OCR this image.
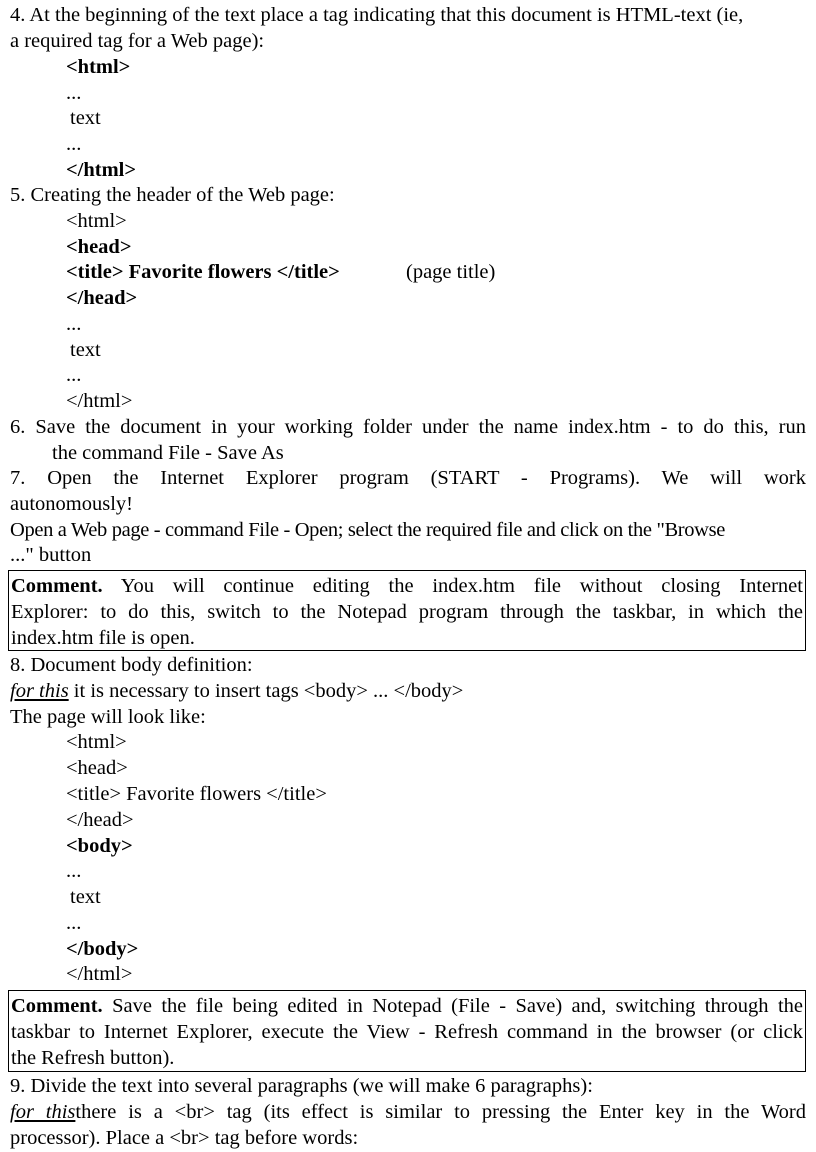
4. At the beginning of the text place a tag indicating that this document is HTML-text (ie,
a required tag for a Web page):
<html>
...
text
...
</html>
5. Creating the header of the Web page:
<html>
<head>
<title> Favorite flowers </title>	(page title)
</head>
...
text
...
</html>
6. Save the document in your working folder under the name index.htm - to do this, run
the command File - Save As
7. Open the Internet Explorer program (START - Programs). We will work
autonomously!
Open a Web page - command File - Open; select the required file and click on the "Browse
..." button
Comment. You will continue editing the index.htm file without closing Internet
Explorer: to do this, switch to the Notepad program through the taskbar, in which the
index.htm file is open.
8. Document body definition:
for this it is necessary to insert tags <body> ... </body>
The page will look like:
<html>
<head>
<title> Favorite flowers </title>
</head>
<body>
...
text
...
</body>
</html>
Comment. Save the file being edited in Notepad (File - Save) and, switching through the
taskbar to Internet Explorer, execute the View - Refresh command in the browser (or click
the Refresh button).
9. Divide the text into several paragraphs (we will make 6 paragraphs):
for thisthere is a <br> tag (its effect is similar to pressing the Enter key in the Word
processor). Place a <br> tag before words:
